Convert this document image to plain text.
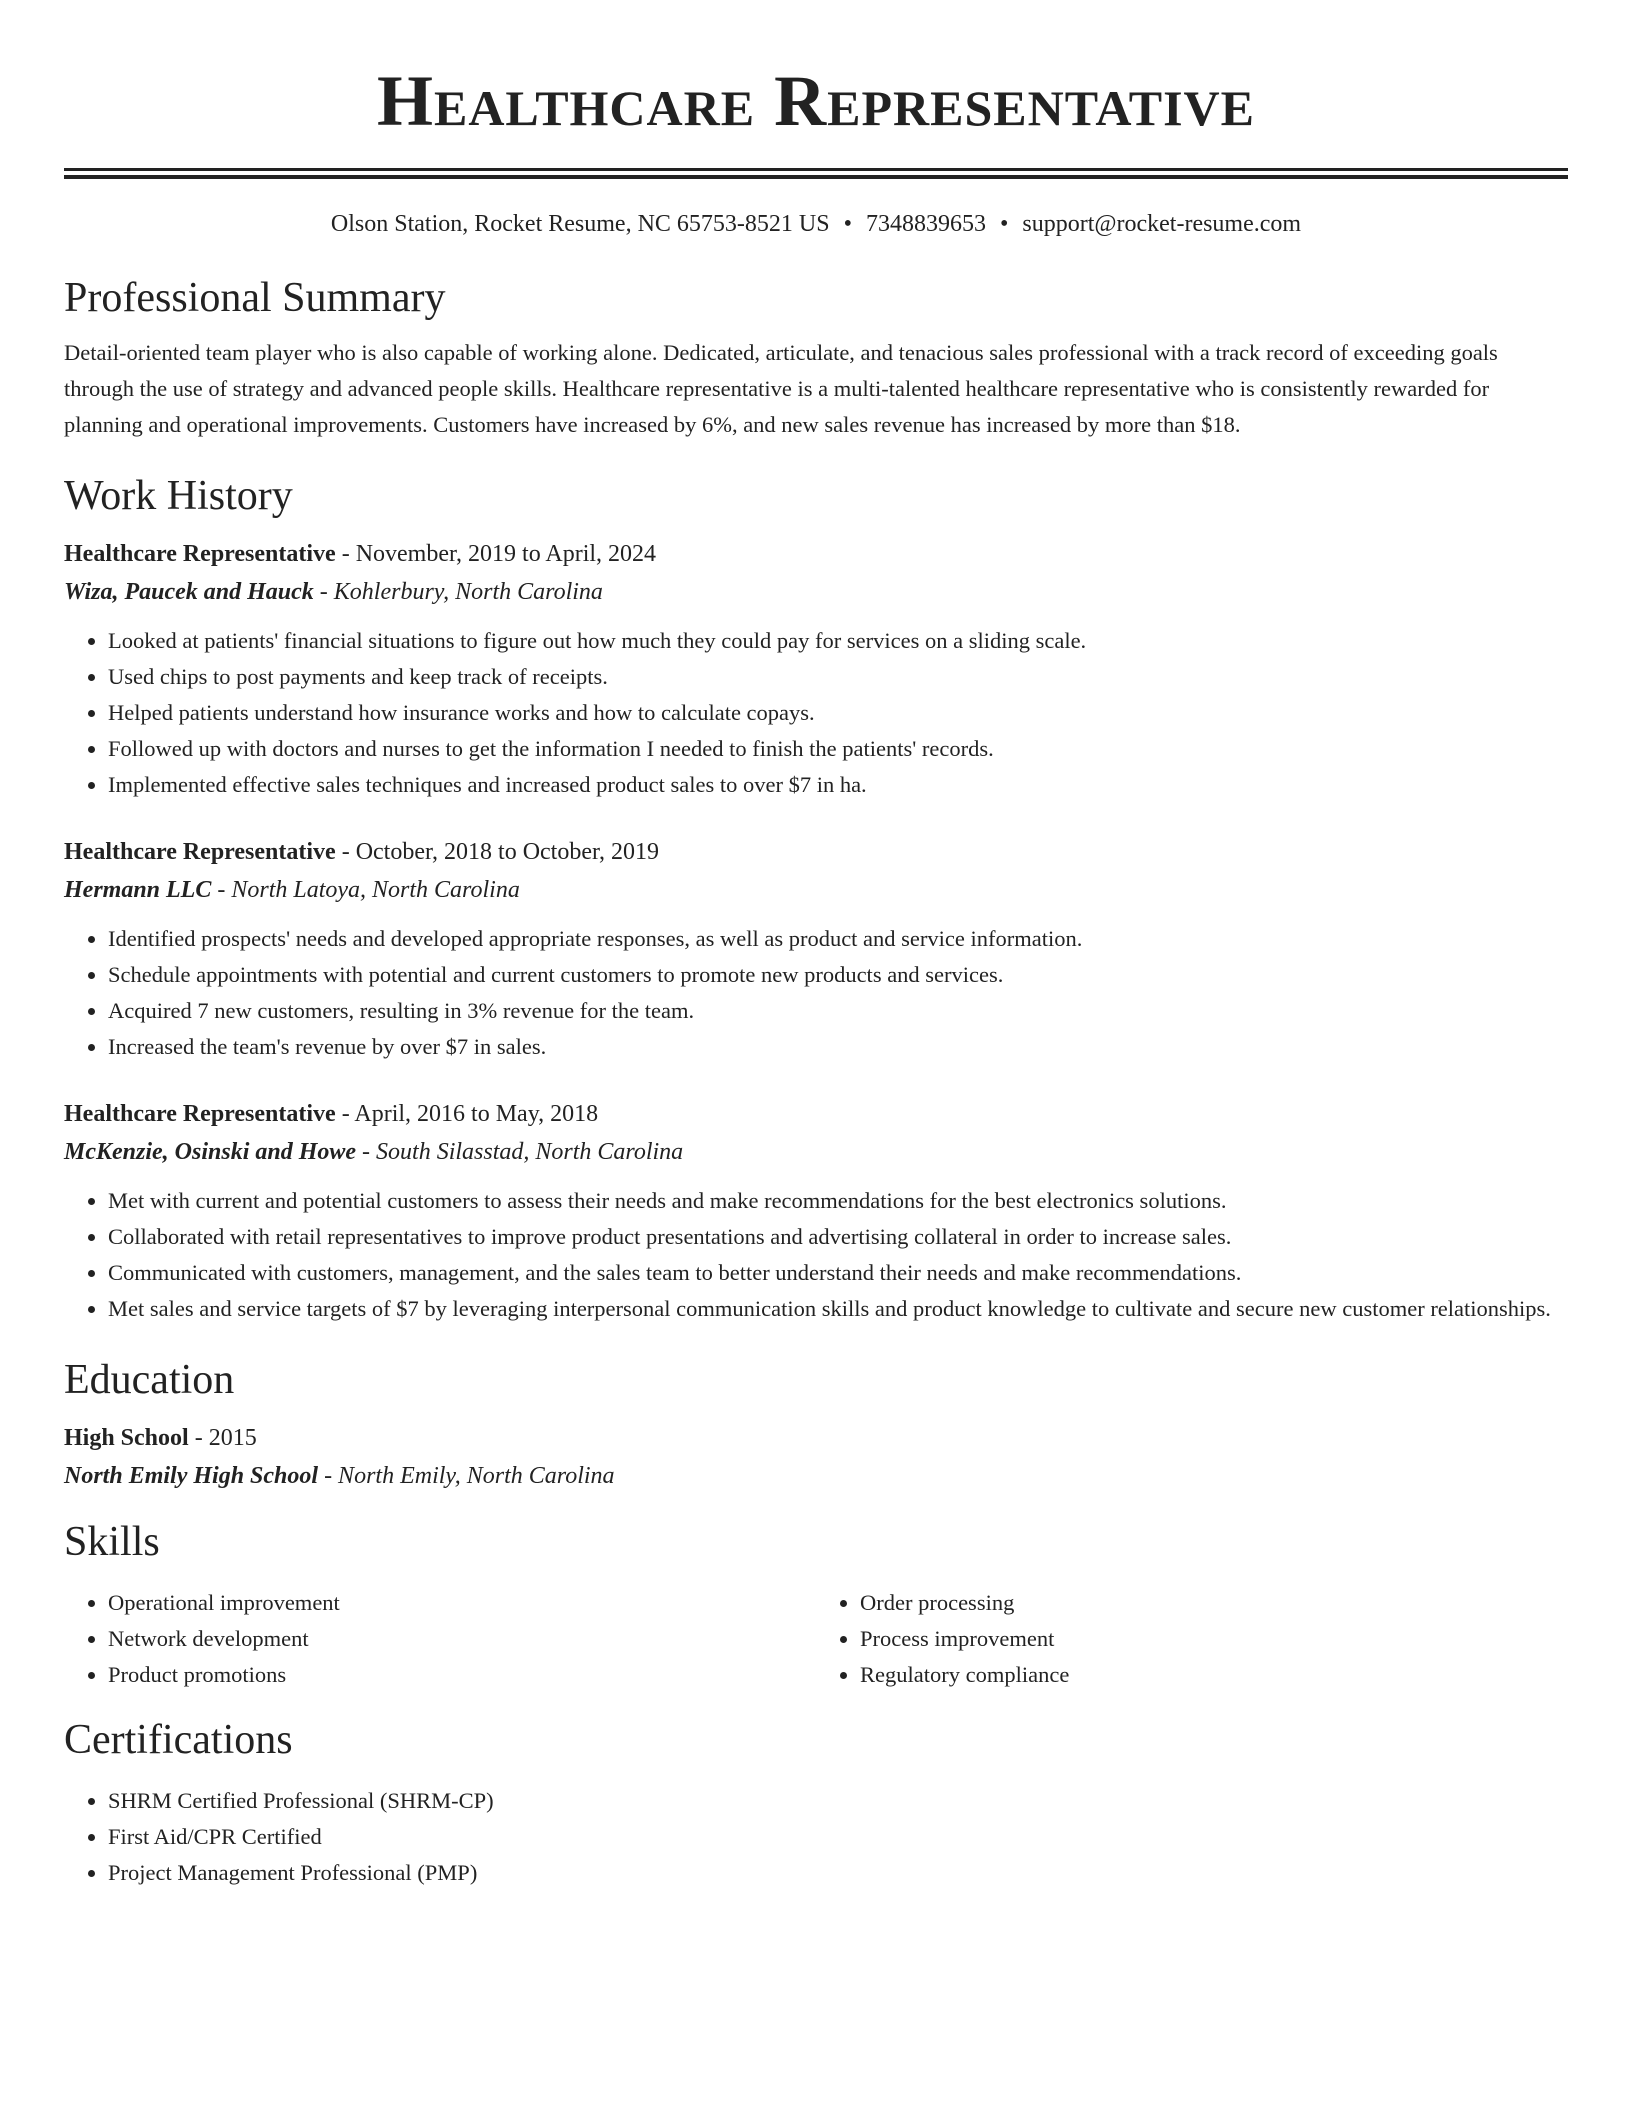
Healthcare Representative
Olson Station, Rocket Resume, NC 65753-8521 US • 7348839653 • support@rocket-resume.com
Professional Summary
Detail-oriented team player who is also capable of working alone. Dedicated, articulate, and tenacious sales professional with a track record of exceeding goals through the use of strategy and advanced people skills. Healthcare representative is a multi-talented healthcare representative who is consistently rewarded for planning and operational improvements. Customers have increased by 6%, and new sales revenue has increased by more than $18.
Work History
Healthcare Representative - November, 2019 to April, 2024
Wiza, Paucek and Hauck - Kohlerbury, North Carolina
• Looked at patients' financial situations to figure out how much they could pay for services on a sliding scale.
• Used chips to post payments and keep track of receipts.
• Helped patients understand how insurance works and how to calculate copays.
• Followed up with doctors and nurses to get the information I needed to finish the patients' records.
• Implemented effective sales techniques and increased product sales to over $7 in ha.
Healthcare Representative - October, 2018 to October, 2019
Hermann LLC - North Latoya, North Carolina
• Identified prospects' needs and developed appropriate responses, as well as product and service information.
• Schedule appointments with potential and current customers to promote new products and services.
• Acquired 7 new customers, resulting in 3% revenue for the team.
• Increased the team's revenue by over $7 in sales.
Healthcare Representative - April, 2016 to May, 2018
McKenzie, Osinski and Howe - South Silasstad, North Carolina
• Met with current and potential customers to assess their needs and make recommendations for the best electronics solutions.
• Collaborated with retail representatives to improve product presentations and advertising collateral in order to increase sales.
• Communicated with customers, management, and the sales team to better understand their needs and make recommendations.
• Met sales and service targets of $7 by leveraging interpersonal communication skills and product knowledge to cultivate and secure new customer relationships.
Education
High School - 2015
North Emily High School - North Emily, North Carolina
Skills
• Operational improvement
• Network development
• Product promotions
• Order processing
• Process improvement
• Regulatory compliance
Certifications
• SHRM Certified Professional (SHRM-CP)
• First Aid/CPR Certified
• Project Management Professional (PMP)
